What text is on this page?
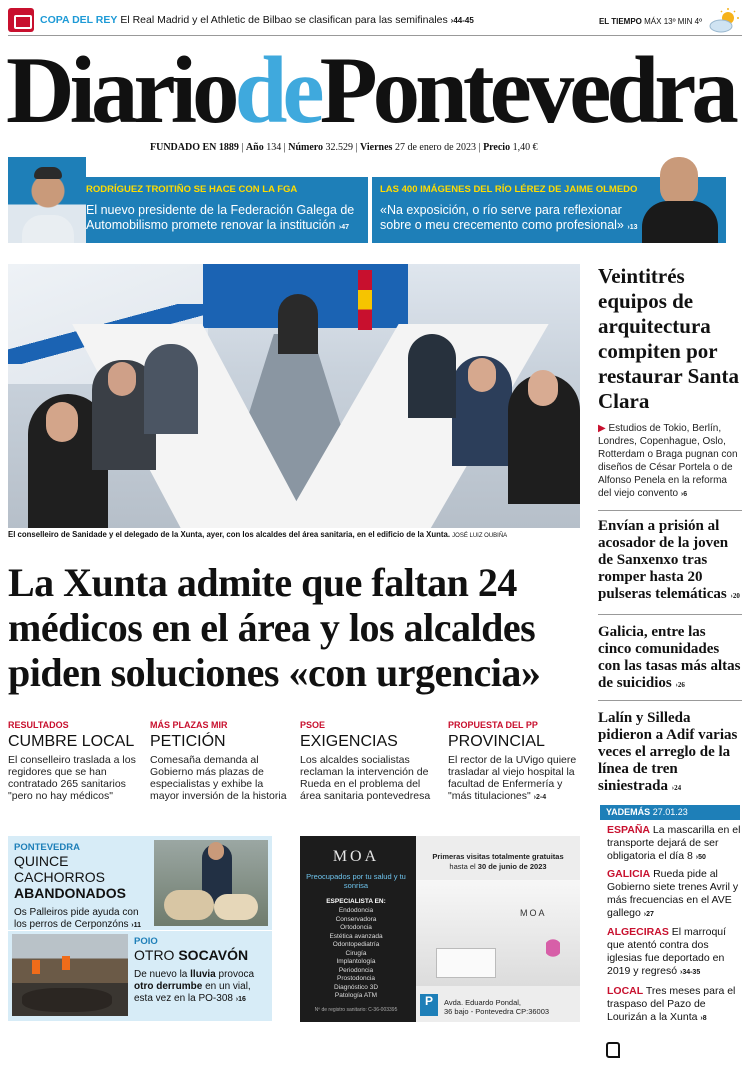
COPA DEL REY El Real Madrid y el Athletic de Bilbao se clasifican para las semifinales ›44-45	EL TIEMPO MÁX 13º MIN 4º
DiariodePontevedra
FUNDADO EN 1889 | Año 134 | Número 32.529 | Viernes 27 de enero de 2023 | Precio 1,40 €
RODRÍGUEZ TROITIÑO SE HACE CON LA FGA
El nuevo presidente de la Federación Galega de Automobilismo promete renovar la institución ›47
LAS 400 IMÁGENES DEL RÍO LÉREZ DE JAIME OLMEDO
«Na exposición, o río serve para reflexionar sobre o meu crecemento como profesional» ›13
El conselleiro de Sanidade y el delegado de la Xunta, ayer, con los alcaldes del área sanitaria, en el edificio de la Xunta. JOSÉ LUIZ OUBIÑA
La Xunta admite que faltan 24 médicos en el área y los alcaldes piden soluciones «con urgencia»
RESULTADOS
CUMBRE LOCAL
El conselleiro traslada a los regidores que se han contratado 265 sanitarios "pero no hay médicos"
MÁS PLAZAS MIR
PETICIÓN
Comesaña demanda al Gobierno más plazas de especialistas y exhibe la mayor inversión de la historia
PSOE
EXIGENCIAS
Los alcaldes socialistas reclaman la intervención de Rueda en el problema del área sanitaria pontevedresa
PROPUESTA DEL PP
PROVINCIAL
El rector de la UVigo quiere trasladar al viejo hospital la facultad de Enfermería y "más titulaciones" ›2-4
PONTEVEDRA
QUINCE CACHORROS
ABANDONADOS
Os Palleiros pide ayuda con los perros de Cerponzóns ›11
POIO
OTRO SOCAVÓN
De nuevo la lluvia provoca otro derrumbe en un vial, esta vez en la PO-308 ›16
MOA
Preocupados por tu salud y tu sonrisa
ESPECIALISTA EN:
Endodoncia
Conservadora
Ortodoncia
Estética avanzada
Odontopediatría
Cirugía
Implantología
Periodoncia
Prostodoncia
Diagnóstico 3D
Patología ATM
Nº de registro sanitario: C-36-003395
Primeras visitas totalmente gratuitas
hasta el 30 de junio de 2023
MOA
P	Avda. Eduardo Pondal,
36 bajo - Pontevedra CP:36003
Veintitrés equipos de arquitectura compiten por restaurar Santa Clara
▶ Estudios de Tokio, Berlín, Londres, Copenhague, Oslo, Rotterdam o Braga pugnan con diseños de César Portela o de Alfonso Penela en la reforma del viejo convento ›6
Envían a prisión al acosador de la joven de Sanxenxo tras romper hasta 20 pulseras telemáticas ›20
Galicia, entre las cinco comunidades con las tasas más altas de suicidios ›26
Lalín y Silleda pidieron a Adif varias veces el arreglo de la línea de tren siniestrada ›24
YADEMÁS 27.01.23
ESPAÑA La mascarilla en el transporte dejará de ser obligatoria el día 8 ›50
GALICIA Rueda pide al Gobierno siete trenes Avril y más frecuencias en el AVE gallego ›27
ALGECIRAS El marroquí que atentó contra dos iglesias fue deportado en 2019 y regresó ›34-35
LOCAL Tres meses para el traspaso del Pazo de Lourizán a la Xunta ›8
